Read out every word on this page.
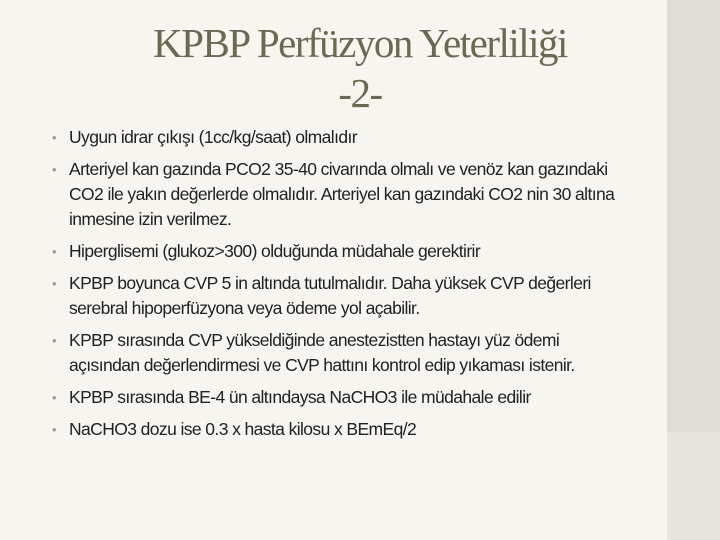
KPBP Perfüzyon Yeterliliği
-2-
• Uygun idrar çıkışı (1cc/kg/saat) olmalıdır
• Arteriyel kan gazında PCO2 35-40 civarında olmalı ve venöz kan gazındaki CO2 ile yakın değerlerde olmalıdır. Arteriyel kan gazındaki CO2 nin 30 altına inmesine izin verilmez.
• Hiperglisemi (glukoz>300) olduğunda müdahale gerektirir
• KPBP boyunca CVP 5 in altında tutulmalıdır. Daha yüksek CVP değerleri serebral hipoperfüzyona veya ödeme yol açabilir.
• KPBP sırasında CVP yükseldiğinde anestezistten hastayı yüz ödemi açısından değerlendirmesi ve CVP hattını kontrol edip yıkaması istenir.
• KPBP sırasında BE-4 ün altındaysa NaCHO3 ile müdahale edilir
• NaCHO3 dozu ise 0.3 x hasta kilosu x BEmEq/2
